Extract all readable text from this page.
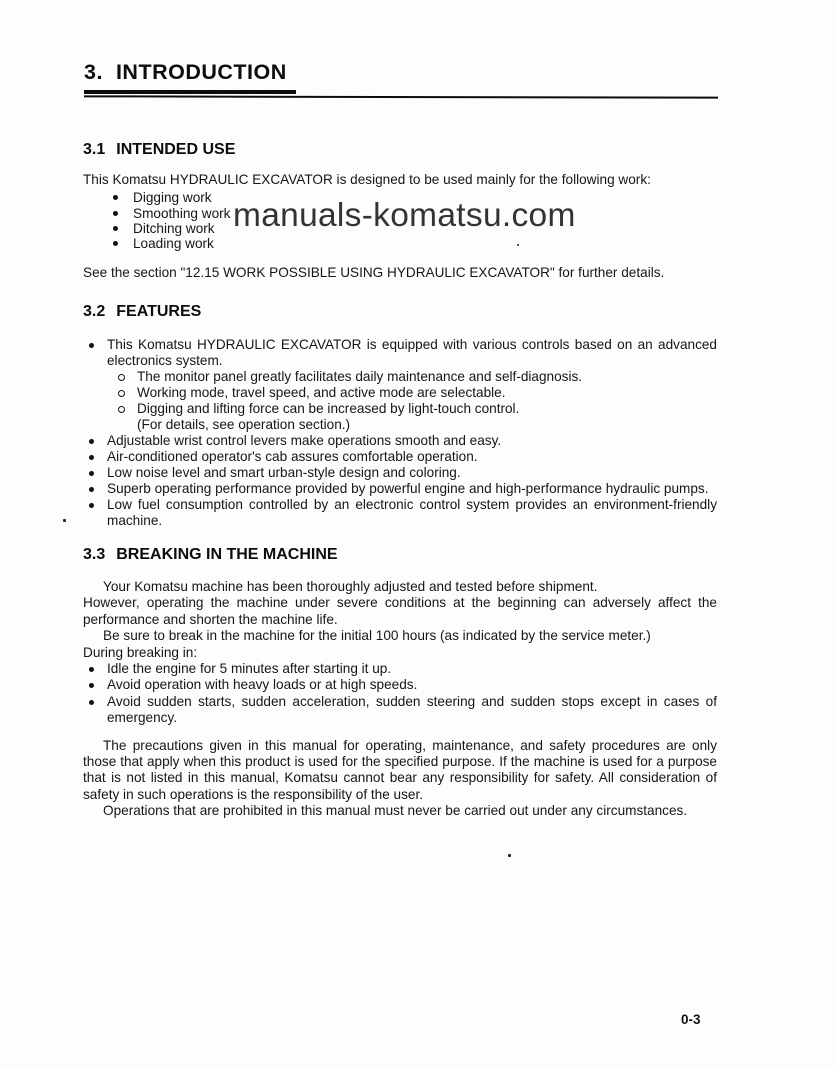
3. INTRODUCTION
manuals-komatsu.com
3.1 INTENDED USE

This Komatsu HYDRAULIC EXCAVATOR is designed to be used mainly for the following work:

Digging work
Smoothing work
Ditching work
Loading work

See the section "12.15 WORK POSSIBLE USING HYDRAULIC EXCAVATOR" for further details.

3.2 FEATURES
This Komatsu HYDRAULIC EXCAVATOR is equipped with various controls based on an advanced electronics system.
The monitor panel greatly facilitates daily maintenance and self-diagnosis.
Working mode, travel speed, and active mode are selectable.
Digging and lifting force can be increased by light-touch control.
(For details, see operation section.)
Adjustable wrist control levers make operations smooth and easy.
Air-conditioned operator's cab assures comfortable operation.
Low noise level and smart urban-style design and coloring.
Superb operating performance provided by powerful engine and high-performance hydraulic pumps.
Low fuel consumption controlled by an electronic control system provides an environment-friendly machine.
3.3 BREAKING IN THE MACHINE

Your Komatsu machine has been thoroughly adjusted and tested before shipment.

However, operating the machine under severe conditions at the beginning can adversely affect the performance and shorten the machine life.

Be sure to break in the machine for the initial 100 hours (as indicated by the service meter.)

During breaking in:

Idle the engine for 5 minutes after starting it up.
Avoid operation with heavy loads or at high speeds.
Avoid sudden starts, sudden acceleration, sudden steering and sudden stops except in cases of emergency.

The precautions given in this manual for operating, maintenance, and safety procedures are only those that apply when this product is used for the specified purpose. If the machine is used for a purpose that is not listed in this manual, Komatsu cannot bear any responsibility for safety. All consideration of safety in such operations is the responsibility of the user.

Operations that are prohibited in this manual must never be carried out under any circumstances.

0-3
